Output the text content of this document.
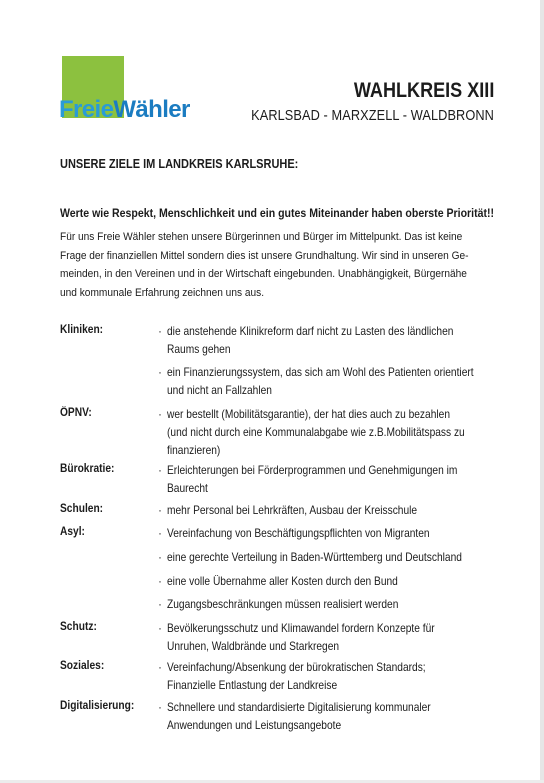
FreieWähler
WAHLKREIS XIII
KARLSBAD - MARXZELL - WALDBRONN
UNSERE ZIELE IM LANDKREIS KARLSRUHE:
Werte wie Respekt, Menschlichkeit und ein gutes Miteinander haben oberste Priorität!!
Für uns Freie Wähler stehen unsere Bürgerinnen und Bürger im Mittelpunkt. Das ist keine
Frage der finanziellen Mittel sondern dies ist unsere Grundhaltung. Wir sind in unseren Ge-
meinden, in den Vereinen und in der Wirtschaft eingebunden. Unabhängigkeit, Bürgernähe
und kommunale Erfahrung zeichnen uns aus.
Kliniken:	· die anstehende Klinikreform darf nicht zu Lasten des ländlichen
Raums gehen
· ein Finanzierungssystem, das sich am Wohl des Patienten orientiert
und nicht an Fallzahlen
ÖPNV:	· wer bestellt (Mobilitätsgarantie), der hat dies auch zu bezahlen
(und nicht durch eine Kommunalabgabe wie z.B.Mobilitätspass zu
finanzieren)
Bürokratie:	· Erleichterungen bei Förderprogrammen und Genehmigungen im
Baurecht
Schulen:	· mehr Personal bei Lehrkräften, Ausbau der Kreisschule
Asyl:	· Vereinfachung von Beschäftigungspflichten von Migranten
· eine gerechte Verteilung in Baden-Württemberg und Deutschland
· eine volle Übernahme aller Kosten durch den Bund
· Zugangsbeschränkungen müssen realisiert werden
Schutz:	· Bevölkerungsschutz und Klimawandel fordern Konzepte für
Unruhen, Waldbrände und Starkregen
Soziales:	· Vereinfachung/Absenkung der bürokratischen Standards;
Finanzielle Entlastung der Landkreise
Digitalisierung: · Schnellere und standardisierte Digitalisierung kommunaler
Anwendungen und Leistungsangebote
